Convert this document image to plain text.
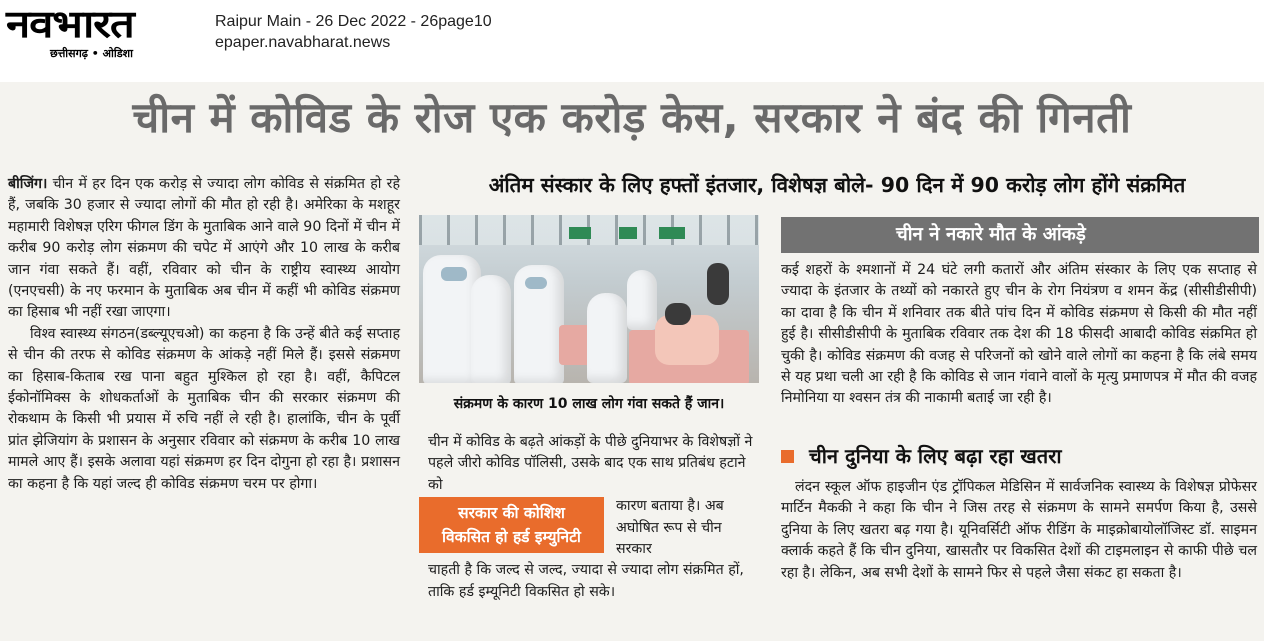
नवभारत
छत्तीसगढ़ • ओडिशा
Raipur Main - 26 Dec 2022 - 26page10
epaper.navabharat.news
चीन में कोविड के रोज एक करोड़ केस, सरकार ने बंद की गिनती

बीजिंग। चीन में हर दिन एक करोड़ से ज्यादा लोग कोविड से संक्रमित हो रहे हैं, जबकि 30 हजार से ज्यादा लोगों की मौत हो रही है। अमेरिका के मशहूर महामारी विशेषज्ञ एरिग फीगल डिंग के मुताबिक आने वाले 90 दिनों में चीन में करीब 90 करोड़ लोग संक्रमण की चपेट में आएंगे और 10 लाख के करीब जान गंवा सकते हैं। वहीं, रविवार को चीन के राष्ट्रीय स्वास्थ्य आयोग (एनएचसी) के नए फरमान के मुताबिक अब चीन में कहीं भी कोविड संक्रमण का हिसाब भी नहीं रखा जाएगा।

विश्व स्वास्थ्य संगठन(डब्ल्यूएचओ) का कहना है कि उन्हें बीते कई सप्ताह से चीन की तरफ से कोविड संक्रमण के आंकड़े नहीं मिले हैं। इससे संक्रमण का हिसाब-किताब रख पाना बहुत मुश्किल हो रहा है। वहीं, कैपिटल ईकोनॉमिक्स के शोधकर्ताओं के मुताबिक चीन की सरकार संक्रमण की रोकथाम के किसी भी प्रयास में रुचि नहीं ले रही है। हालांकि, चीन के पूर्वी प्रांत झेजियांग के प्रशासन के अनुसार रविवार को संक्रमण के करीब 10 लाख मामले आए हैं। इसके अलावा यहां संक्रमण हर दिन दोगुना हो रहा है। प्रशासन का कहना है कि यहां जल्द ही कोविड संक्रमण चरम पर होगा।

अंतिम संस्कार के लिए हफ्तों इंतजार, विशेषज्ञ बोले- 90 दिन में 90 करोड़ लोग होंगे संक्रमित
संक्रमण के कारण 10 लाख लोग गंवा सकते हैं जान।
चीन में कोविड के बढ़ते आंकड़ों के पीछे दुनियाभर के विशेषज्ञों ने पहले जीरो कोविड पॉलिसी, उसके बाद एक साथ प्रतिबंध हटाने को
कारण बताया है। अब अघोषित रूप से चीन सरकार
चाहती है कि जल्द से जल्द, ज्यादा से ज्यादा लोग संक्रमित हों, ताकि हर्ड इम्यूनिटी विकसित हो सके।
सरकार की कोशिश
विकसित हो हर्ड इम्युनिटी
चीन ने नकारे मौत के आंकड़े
कई शहरों के श्मशानों में 24 घंटे लगी कतारों और अंतिम संस्कार के लिए एक सप्ताह से ज्यादा के इंतजार के तथ्यों को नकारते हुए चीन के रोग नियंत्रण व शमन केंद्र (सीसीडीसीपी) का दावा है कि चीन में शनिवार तक बीते पांच दिन में कोविड संक्रमण से किसी की मौत नहीं हुई है। सीसीडीसीपी के मुताबिक रविवार तक देश की 18 फीसदी आबादी कोविड संक्रमित हो चुकी है। कोविड संक्रमण की वजह से परिजनों को खोने वाले लोगों का कहना है कि लंबे समय से यह प्रथा चली आ रही है कि कोविड से जान गंवाने वालों के मृत्यु प्रमाणपत्र में मौत की वजह निमोनिया या श्वसन तंत्र की नाकामी बताई जा रही है।
चीन दुनिया के लिए बढ़ा रहा खतरा
लंदन स्कूल ऑफ हाइजीन एंड ट्रॉपिकल मेडिसिन में सार्वजनिक स्वास्थ्य के विशेषज्ञ प्रोफेसर मार्टिन मैककी ने कहा कि चीन ने जिस तरह से संक्रमण के सामने समर्पण किया है, उससे दुनिया के लिए खतरा बढ़ गया है। यूनिवर्सिटी ऑफ रीडिंग के माइक्रोबायोलॉजिस्ट डॉ. साइमन क्लार्क कहते हैं कि चीन दुनिया, खासतौर पर विकसित देशों की टाइमलाइन से काफी पीछे चल रहा है। लेकिन, अब सभी देशों के सामने फिर से पहले जैसा संकट हा सकता है।
